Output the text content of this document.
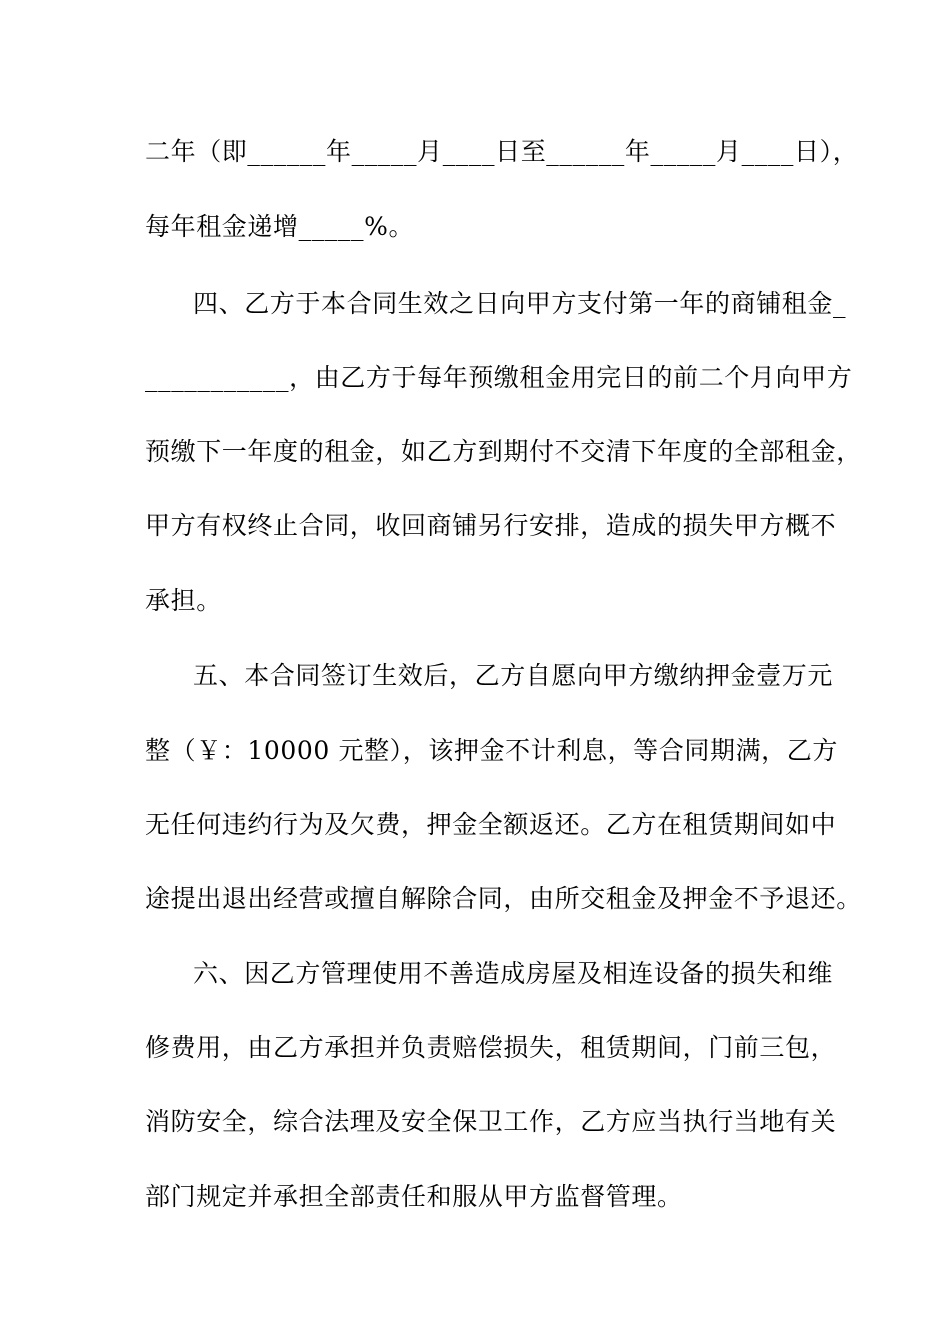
二年（即______年_____月____日至______年_____月____日），
每年租金递增_____%。
四、乙方于本合同生效之日向甲方支付第一年的商铺租金_
___________，由乙方于每年预缴租金用完日的前二个月向甲方
预缴下一年度的租金，如乙方到期付不交清下年度的全部租金，
甲方有权终止合同，收回商铺另行安排，造成的损失甲方概不
承担。
五、本合同签订生效后，乙方自愿向甲方缴纳押金壹万元
整（￥：10000 元整），该押金不计利息，等合同期满，乙方
无任何违约行为及欠费，押金全额返还。乙方在租赁期间如中
途提出退出经营或擅自解除合同，由所交租金及押金不予退还。
六、因乙方管理使用不善造成房屋及相连设备的损失和维
修费用，由乙方承担并负责赔偿损失，租赁期间，门前三包，
消防安全，综合法理及安全保卫工作，乙方应当执行当地有关
部门规定并承担全部责任和服从甲方监督管理。
